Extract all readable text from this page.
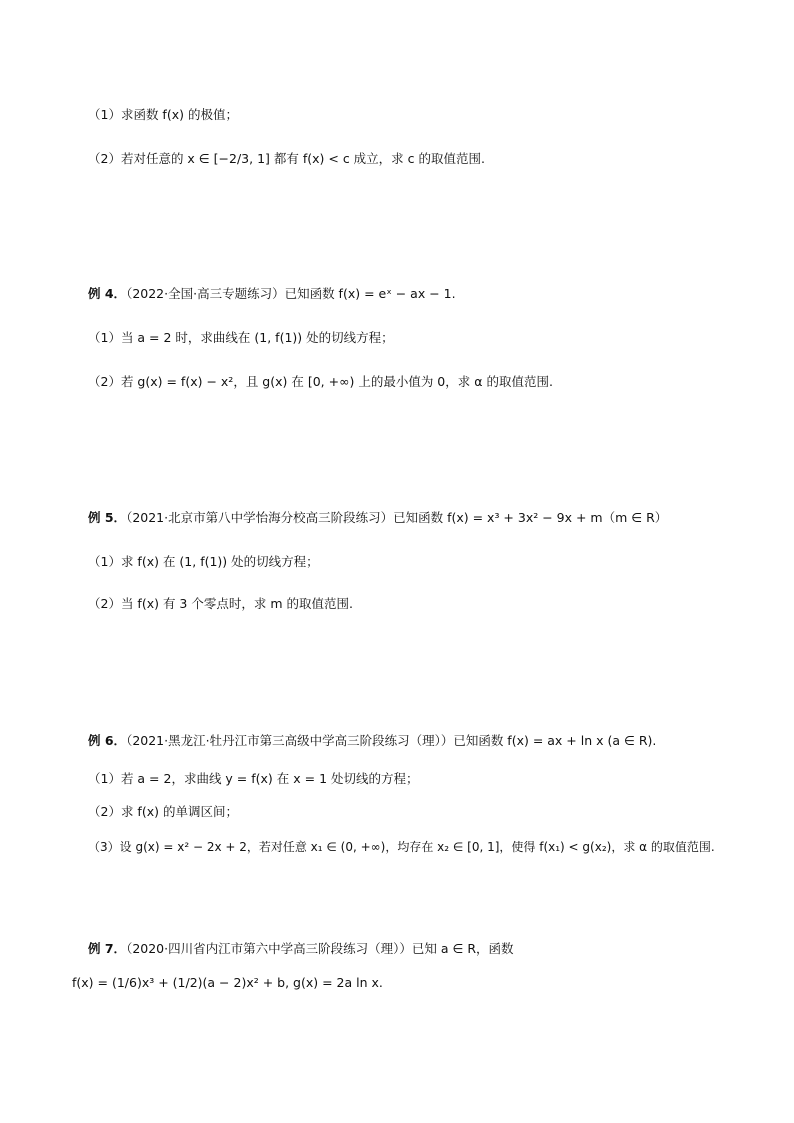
（1）求函数 f(x) 的极值；
（2）若对任意的 x ∈ [−2/3, 1] 都有 f(x) < c 成立，求 c 的取值范围.
例 4．（2022·全国·高三专题练习）已知函数 f(x) = eˣ − ax − 1.
（1）当 a = 2 时，求曲线在 (1, f(1)) 处的切线方程；
（2）若 g(x) = f(x) − x²，且 g(x) 在 [0, +∞) 上的最小值为 0，求 α 的取值范围.
例 5．（2021·北京市第八中学怡海分校高三阶段练习）已知函数 f(x) = x³ + 3x² − 9x + m（m ∈ R）
（1）求 f(x) 在 (1, f(1)) 处的切线方程；
（2）当 f(x) 有 3 个零点时，求 m 的取值范围.
例 6．（2021·黑龙江·牡丹江市第三高级中学高三阶段练习（理））已知函数 f(x) = ax + ln x (a ∈ R).
（1）若 a = 2，求曲线 y = f(x) 在 x = 1 处切线的方程；
（2）求 f(x) 的单调区间；
（3）设 g(x) = x² − 2x + 2，若对任意 x₁ ∈ (0, +∞)，均存在 x₂ ∈ [0, 1]，使得 f(x₁) < g(x₂)，求 α 的取值范围.
例 7．（2020·四川省内江市第六中学高三阶段练习（理））已知 a ∈ R，函数
f(x) = (1/6)x³ + (1/2)(a − 2)x² + b, g(x) = 2a ln x.
